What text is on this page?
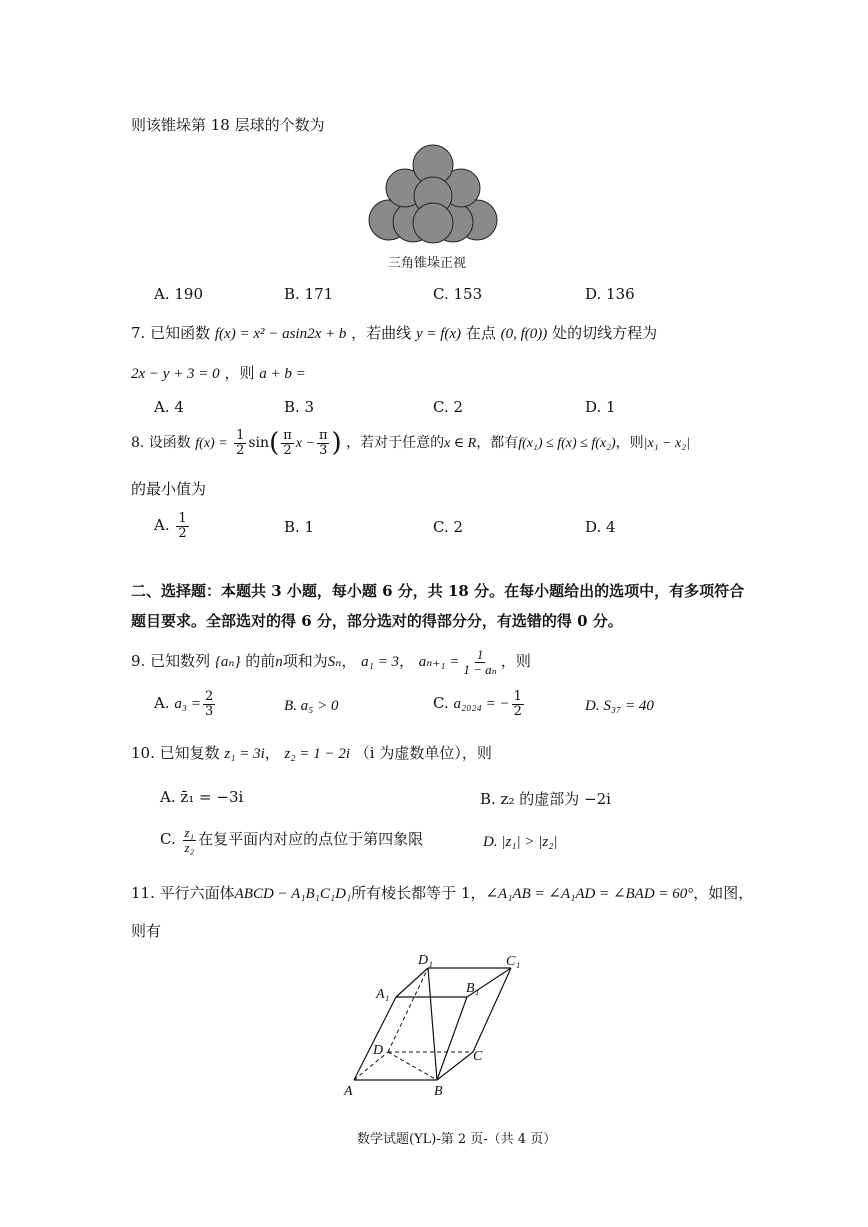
则该锥垛第 18 层球的个数为
三角锥垛正视
A. 190	B. 171	C. 153	D. 136
7. 已知函数 f(x) = x² − asin2x + b ，若曲线 y = f(x) 在点 (0, f(0)) 处的切线方程为
2x − y + 3 = 0 ，则 a + b =
A. 4	B. 3	C. 2	D. 1
8. 设函数 $f(x) = \frac{1}{2} \sin( \frac{\pi}{2}$ $x - \frac{\pi}{3}$ ) ，若对于任意的x ∈ R，都有f(x₁) ≤ f(x) ≤ f(x₂)，则|x₁ − x₂|
的最小值为
A. $\frac{1}{2}$	B. 1	C. 2	D. 4
二、选择题：本题共 3 小题，每小题 6 分，共 18 分。在每小题给出的选项中，有多项符合
题目要求。全部选对的得 6 分，部分选对的得部分分，有选错的得 0 分。
9. 已知数列 {aₙ} 的前n项和为Sₙ， a₁ = 3， $a_{n+1} = \frac{1}{\text{1 − aₙ}}$ ，则
A. $a_3 = \frac{2}{3}$	B. a₅ > 0	C. a₂₀₂₄ = − $\frac{1}{2}$	D. S₃₇ = 40
10. 已知复数 z₁ = 3i， z₂ = 1 − 2i （i 为虚数单位），则
A. z̄₁ = −3i	B. z₂ 的虚部为 −2i
C. $\frac{\text{z₁}}{\text{z₂}}$ 在复平面内对应的点位于第四象限	D. |z₁| > |z₂|
11. 平行六面体ABCD − A₁B₁C₁D₁所有棱长都等于 1，∠A₁AB = ∠A₁AD = ∠BAD = 60°，如图，
则有
D₁	C₁
A₁	B₁
D	C
A	B
数学试题(YL)-第 2 页-（共 4 页）
